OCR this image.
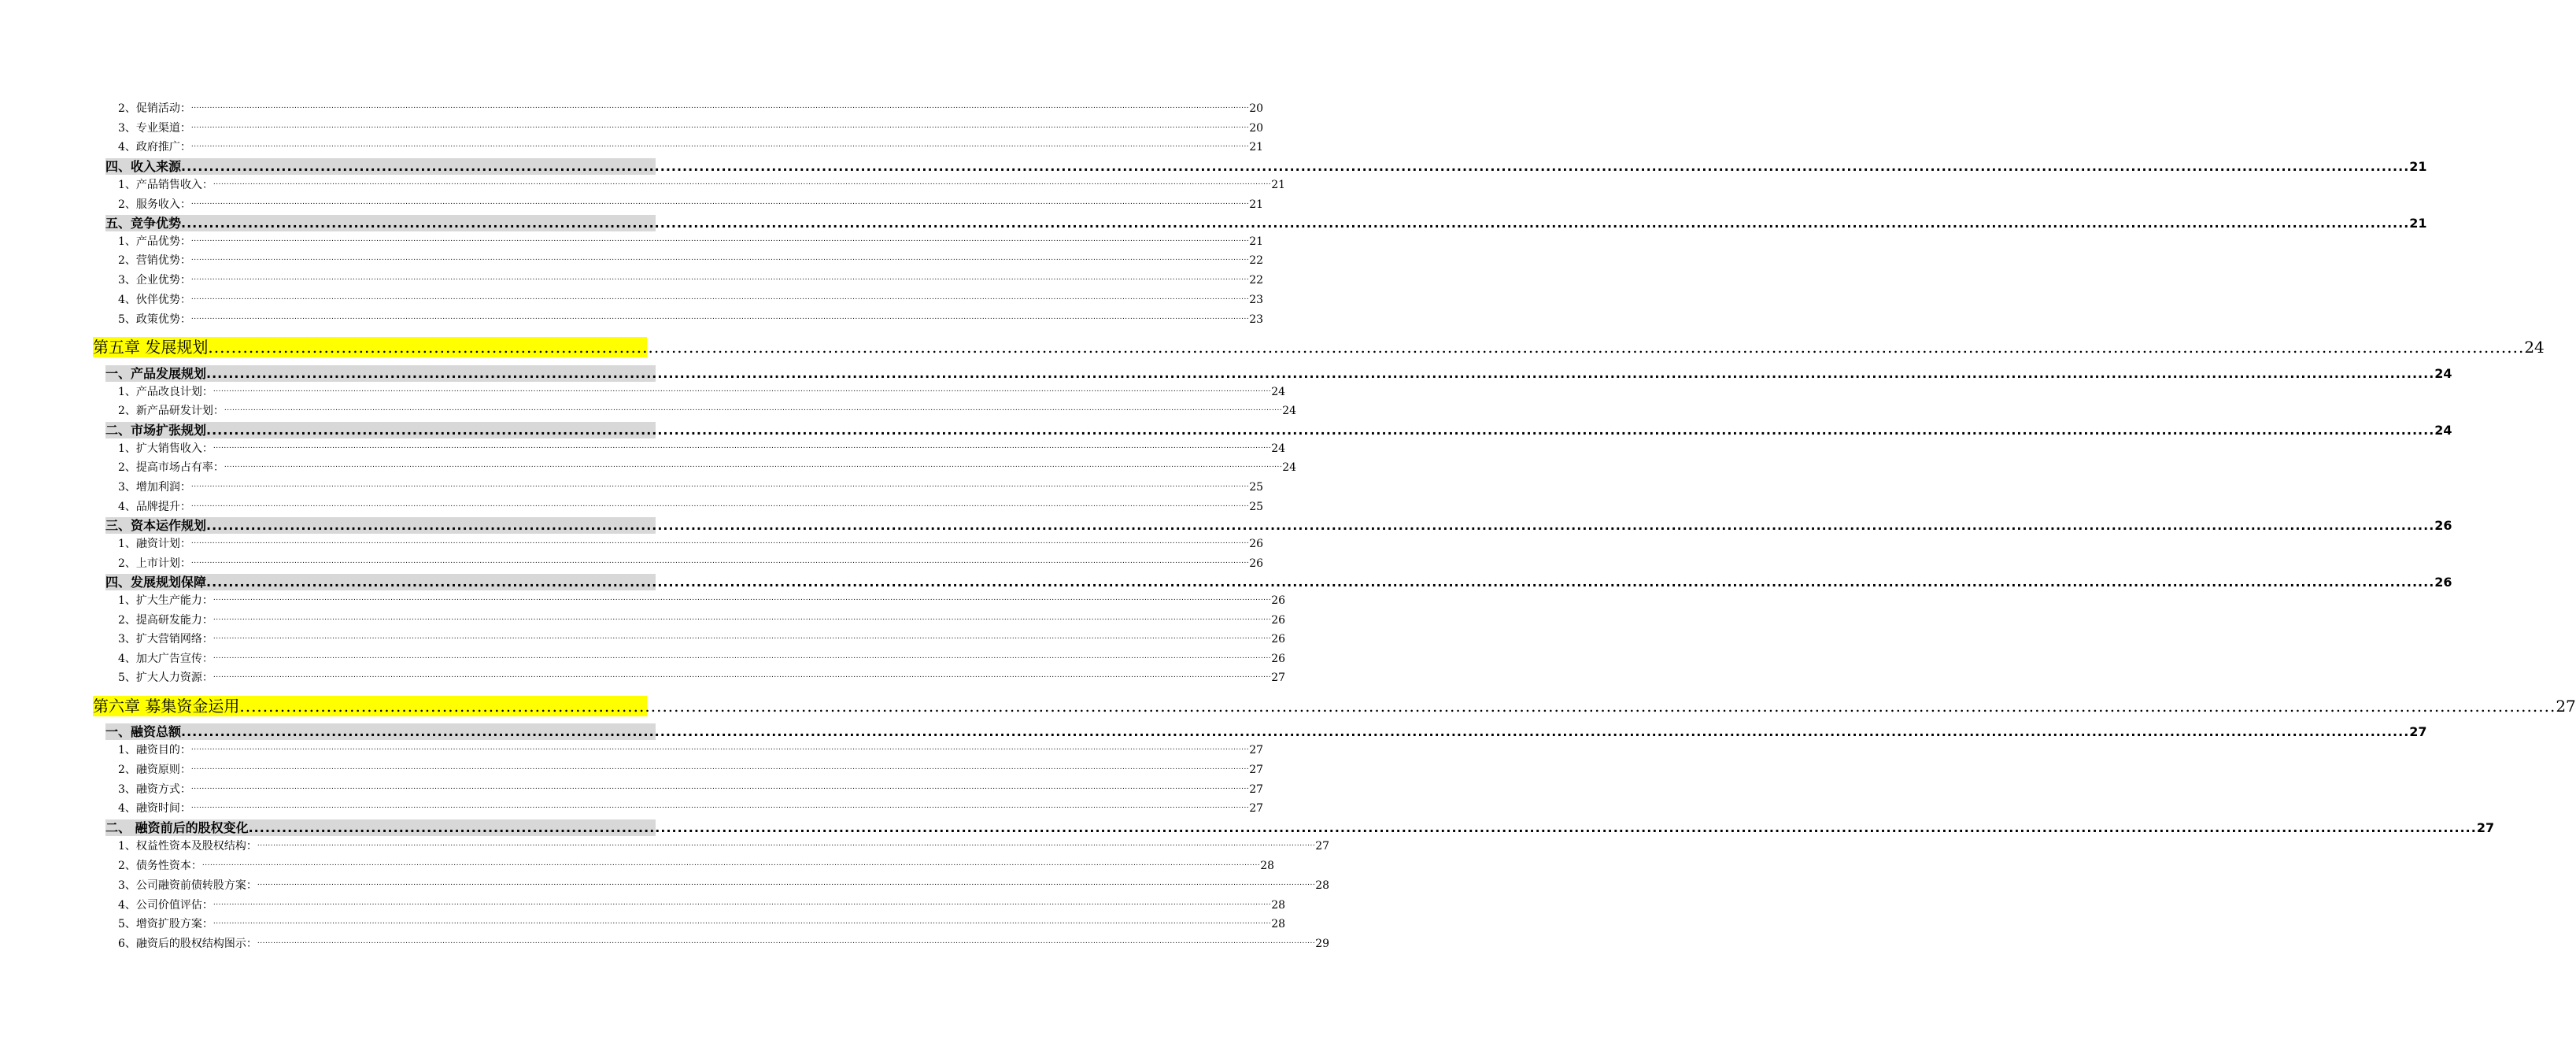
2、促销活动： ................................................................................................................................................................................................................................................................................................................................................................................................................ 20
3、专业渠道： ................................................................................................................................................................................................................................................................................................................................................................................................................ 20
4、政府推广： ................................................................................................................................................................................................................................................................................................................................................................................................................ 21
四、收入来源 ................................................................................................................................................................................................................................................................................................................................................................................................................ 21
1、产品销售收入： ................................................................................................................................................................................................................................................................................................................................................................................................................ 21
2、服务收入： ................................................................................................................................................................................................................................................................................................................................................................................................................ 21
五、竞争优势 ................................................................................................................................................................................................................................................................................................................................................................................................................ 21
1、产品优势： ................................................................................................................................................................................................................................................................................................................................................................................................................ 21
2、营销优势： ................................................................................................................................................................................................................................................................................................................................................................................................................ 22
3、企业优势： ................................................................................................................................................................................................................................................................................................................................................................................................................ 22
4、伙伴优势： ................................................................................................................................................................................................................................................................................................................................................................................................................ 23
5、政策优势： ................................................................................................................................................................................................................................................................................................................................................................................................................ 23
第五章 发展规划 ................................................................................................................................................................................................................................................................................................................................................................................................................ 24
一、产品发展规划 ................................................................................................................................................................................................................................................................................................................................................................................................................ 24
1、产品改良计划： ................................................................................................................................................................................................................................................................................................................................................................................................................ 24
2、新产品研发计划： ................................................................................................................................................................................................................................................................................................................................................................................................................ 24
二、市场扩张规划 ................................................................................................................................................................................................................................................................................................................................................................................................................ 24
1、扩大销售收入： ................................................................................................................................................................................................................................................................................................................................................................................................................ 24
2、提高市场占有率： ................................................................................................................................................................................................................................................................................................................................................................................................................ 24
3、增加利润： ................................................................................................................................................................................................................................................................................................................................................................................................................ 25
4、品牌提升： ................................................................................................................................................................................................................................................................................................................................................................................................................ 25
三、资本运作规划 ................................................................................................................................................................................................................................................................................................................................................................................................................ 26
1、融资计划： ................................................................................................................................................................................................................................................................................................................................................................................................................ 26
2、上市计划： ................................................................................................................................................................................................................................................................................................................................................................................................................ 26
四、发展规划保障 ................................................................................................................................................................................................................................................................................................................................................................................................................ 26
1、扩大生产能力： ................................................................................................................................................................................................................................................................................................................................................................................................................ 26
2、提高研发能力： ................................................................................................................................................................................................................................................................................................................................................................................................................ 26
3、扩大营销网络： ................................................................................................................................................................................................................................................................................................................................................................................................................ 26
4、加大广告宣传： ................................................................................................................................................................................................................................................................................................................................................................................................................ 26
5、扩大人力资源： ................................................................................................................................................................................................................................................................................................................................................................................................................ 27
第六章 募集资金运用 ................................................................................................................................................................................................................................................................................................................................................................................................................ 27
一、融资总额 ................................................................................................................................................................................................................................................................................................................................................................................................................ 27
1、融资目的： ................................................................................................................................................................................................................................................................................................................................................................................................................ 27
2、融资原则： ................................................................................................................................................................................................................................................................................................................................................................................................................ 27
3、融资方式： ................................................................................................................................................................................................................................................................................................................................................................................................................ 27
4、融资时间： ................................................................................................................................................................................................................................................................................................................................................................................................................ 27
二、 融资前后的股权变化 ................................................................................................................................................................................................................................................................................................................................................................................................................ 27
1、权益性资本及股权结构： ................................................................................................................................................................................................................................................................................................................................................................................................................ 27
2、债务性资本： ................................................................................................................................................................................................................................................................................................................................................................................................................ 28
3、公司融资前债转股方案： ................................................................................................................................................................................................................................................................................................................................................................................................................ 28
4、公司价值评估： ................................................................................................................................................................................................................................................................................................................................................................................................................ 28
5、增资扩股方案： ................................................................................................................................................................................................................................................................................................................................................................................................................ 28
6、融资后的股权结构图示： ................................................................................................................................................................................................................................................................................................................................................................................................................ 29
